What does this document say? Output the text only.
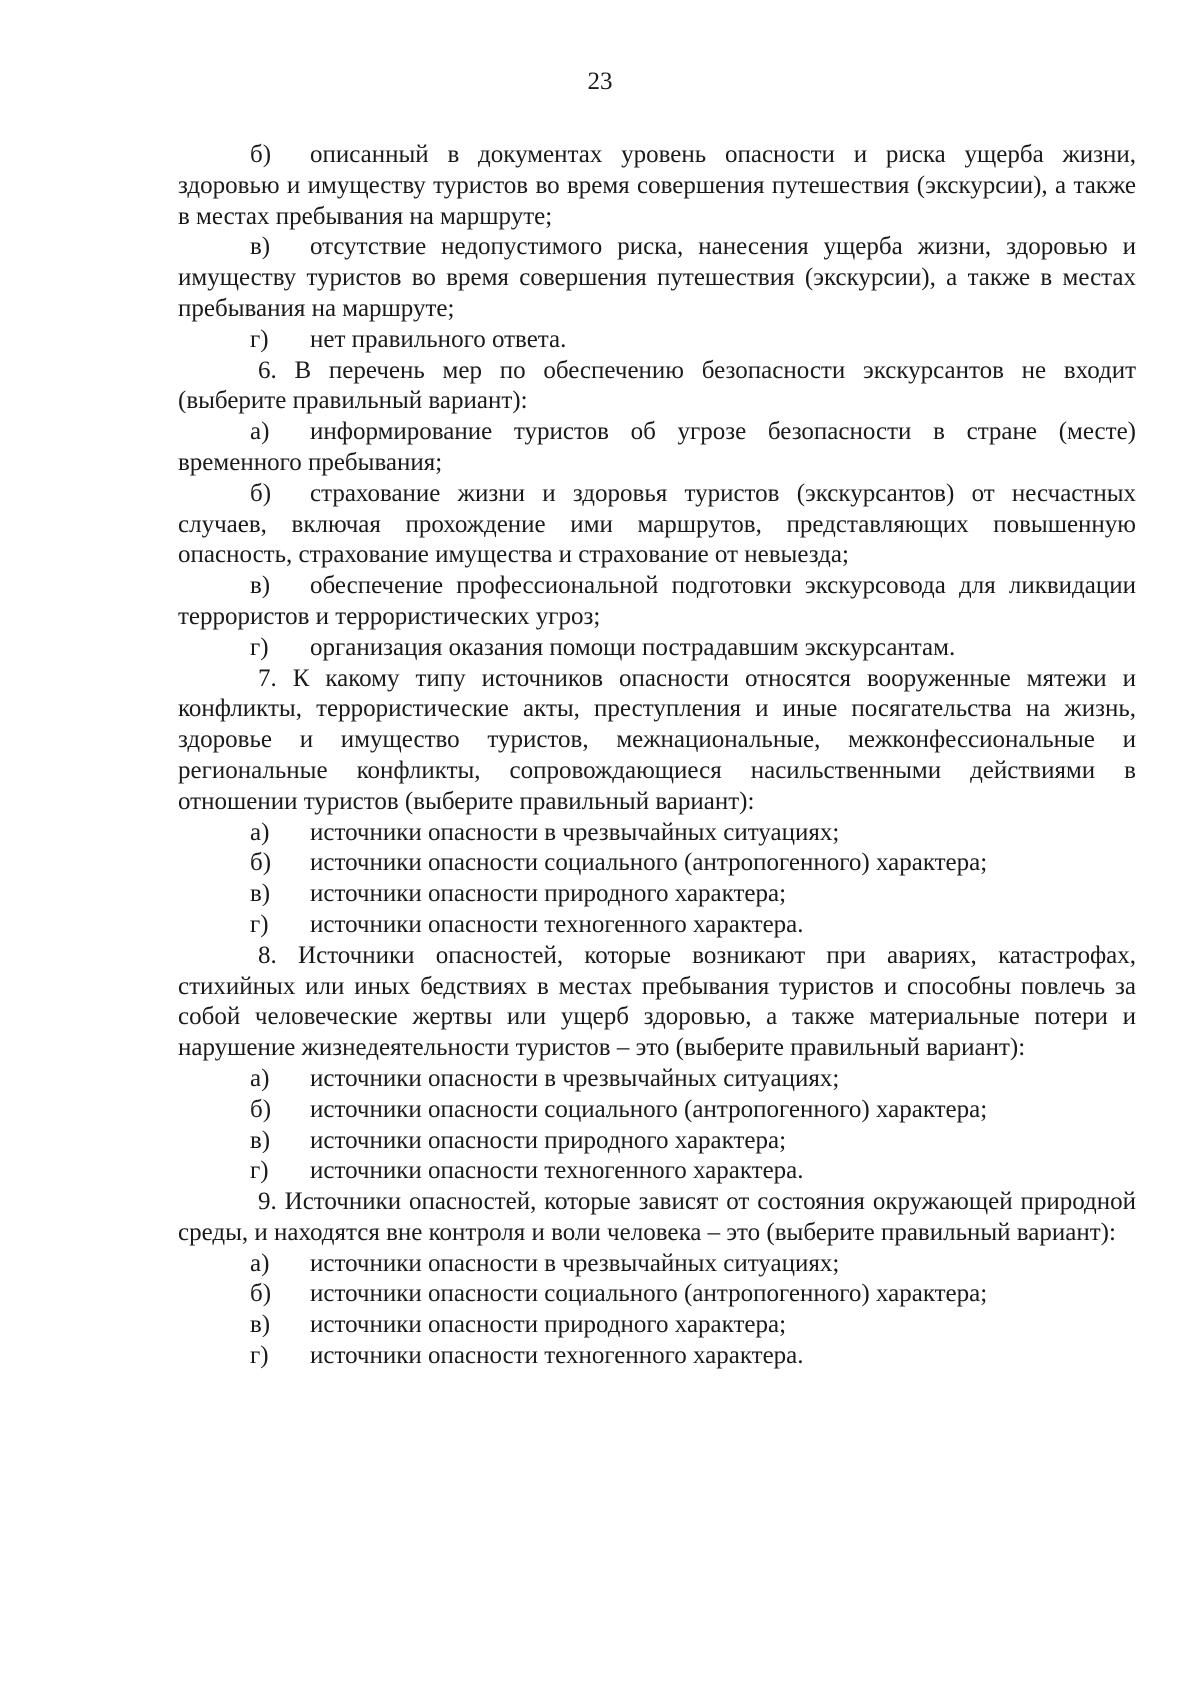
23

б) описанный в документах уровень опасности и риска ущерба жизни, здоровью и имуществу туристов во время совершения путешествия (экскурсии), а также в местах пребывания на маршруте;

в) отсутствие недопустимого риска, нанесения ущерба жизни, здоровью и имуществу туристов во время совершения путешествия (экскурсии), а также в местах пребывания на маршруте;

г)	нет правильного ответа.

6. В перечень мер по обеспечению безопасности экскурсантов не входит (выберите правильный вариант):

а) информирование туристов об угрозе безопасности в стране (месте) временного пребывания;

б) страхование жизни и здоровья туристов (экскурсантов) от несчастных случаев, включая прохождение ими маршрутов, представляющих повышенную опасность, страхование имущества и страхование от невыезда;

в) обеспечение профессиональной подготовки экскурсовода для ликвидации террористов и террористических угроз;

г)	организация оказания помощи пострадавшим экскурсантам.

7. К какому типу источников опасности относятся вооруженные мятежи и конфликты, террористические акты, преступления и иные посягательства на жизнь, здоровье и имущество туристов, межнациональные, межконфессиональные и региональные конфликты, сопровождающиеся насильственными действиями в отношении туристов (выберите правильный вариант):

а)	источники опасности в чрезвычайных ситуациях;

б)	источники опасности социального (антропогенного) характера;

в)	источники опасности природного характера;

г)	источники опасности техногенного характера.

8. Источники опасностей, которые возникают при авариях, катастрофах, стихийных или иных бедствиях в местах пребывания туристов и способны повлечь за собой человеческие жертвы или ущерб здоровью, а также материальные потери и нарушение жизнедеятельности туристов – это (выберите правильный вариант):

а)	источники опасности в чрезвычайных ситуациях;

б)	источники опасности социального (антропогенного) характера;

в)	источники опасности природного характера;

г)	источники опасности техногенного характера.

9. Источники опасностей, которые зависят от состояния окружающей природной среды, и находятся вне контроля и воли человека – это (выберите правильный вариант):

а)	источники опасности в чрезвычайных ситуациях;

б)	источники опасности социального (антропогенного) характера;

в)	источники опасности природного характера;

г)	источники опасности техногенного характера.
